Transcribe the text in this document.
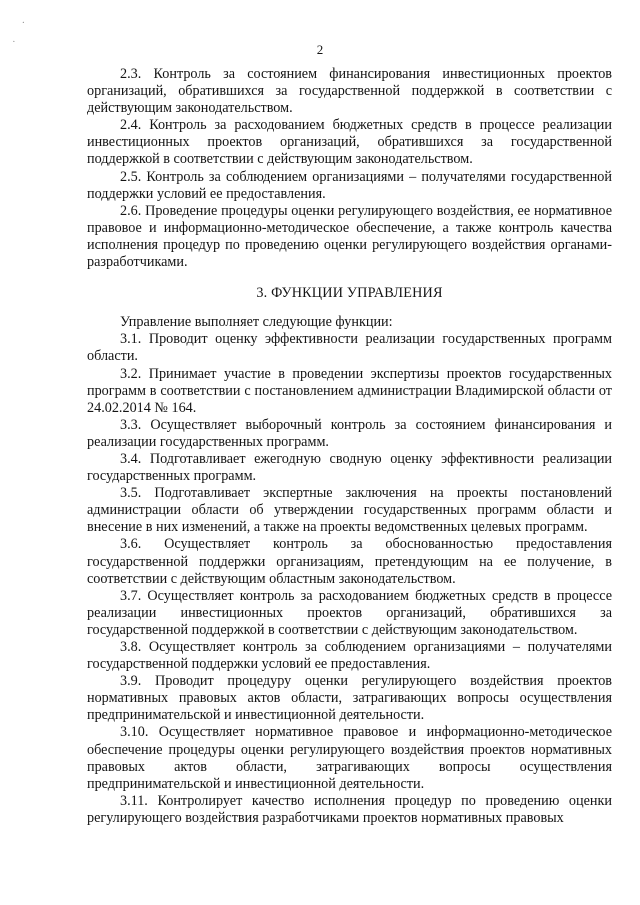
.
·	2

2.3. Контроль за состоянием финансирования инвестиционных проектов организаций, обратившихся за государственной поддержкой в соответствии с действующим законодательством.

2.4. Контроль за расходованием бюджетных средств в процессе реализации инвестиционных проектов организаций, обратившихся за государственной поддержкой в соответствии с действующим законодательством.

2.5. Контроль за соблюдением организациями – получателями государственной поддержки условий ее предоставления.

2.6. Проведение процедуры оценки регулирующего воздействия, ее нормативное правовое и информационно-методическое обеспечение, а также контроль качества исполнения процедур по проведению оценки регулирующего воздействия органами-разработчиками.

3. ФУНКЦИИ УПРАВЛЕНИЯ

Управление выполняет следующие функции:

3.1. Проводит оценку эффективности реализации государственных программ области.

3.2. Принимает участие в проведении экспертизы проектов государственных программ в соответствии с постановлением администрации Владимирской области от 24.02.2014 № 164.

3.3. Осуществляет выборочный контроль за состоянием финансирования и реализации государственных программ.

3.4. Подготавливает ежегодную сводную оценку эффективности реализации государственных программ.

3.5. Подготавливает экспертные заключения на проекты постановлений администрации области об утверждении государственных программ области и внесение в них изменений, а также на проекты ведомственных целевых программ.

3.6. Осуществляет контроль за обоснованностью предоставления государственной поддержки организациям, претендующим на ее получение, в соответствии с действующим областным законодательством.

3.7. Осуществляет контроль за расходованием бюджетных средств в процессе реализации инвестиционных проектов организаций, обратившихся за государственной поддержкой в соответствии с действующим законодательством.

3.8. Осуществляет контроль за соблюдением организациями – получателями государственной поддержки условий ее предоставления.

3.9. Проводит процедуру оценки регулирующего воздействия проектов нормативных правовых актов области, затрагивающих вопросы осуществления предпринимательской и инвестиционной деятельности.

3.10. Осуществляет нормативное правовое и информационно-методическое обеспечение процедуры оценки регулирующего воздействия проектов нормативных правовых актов области, затрагивающих вопросы осуществления предпринимательской и инвестиционной деятельности.

3.11. Контролирует качество исполнения процедур по проведению оценки регулирующего воздействия разработчиками проектов нормативных правовых
